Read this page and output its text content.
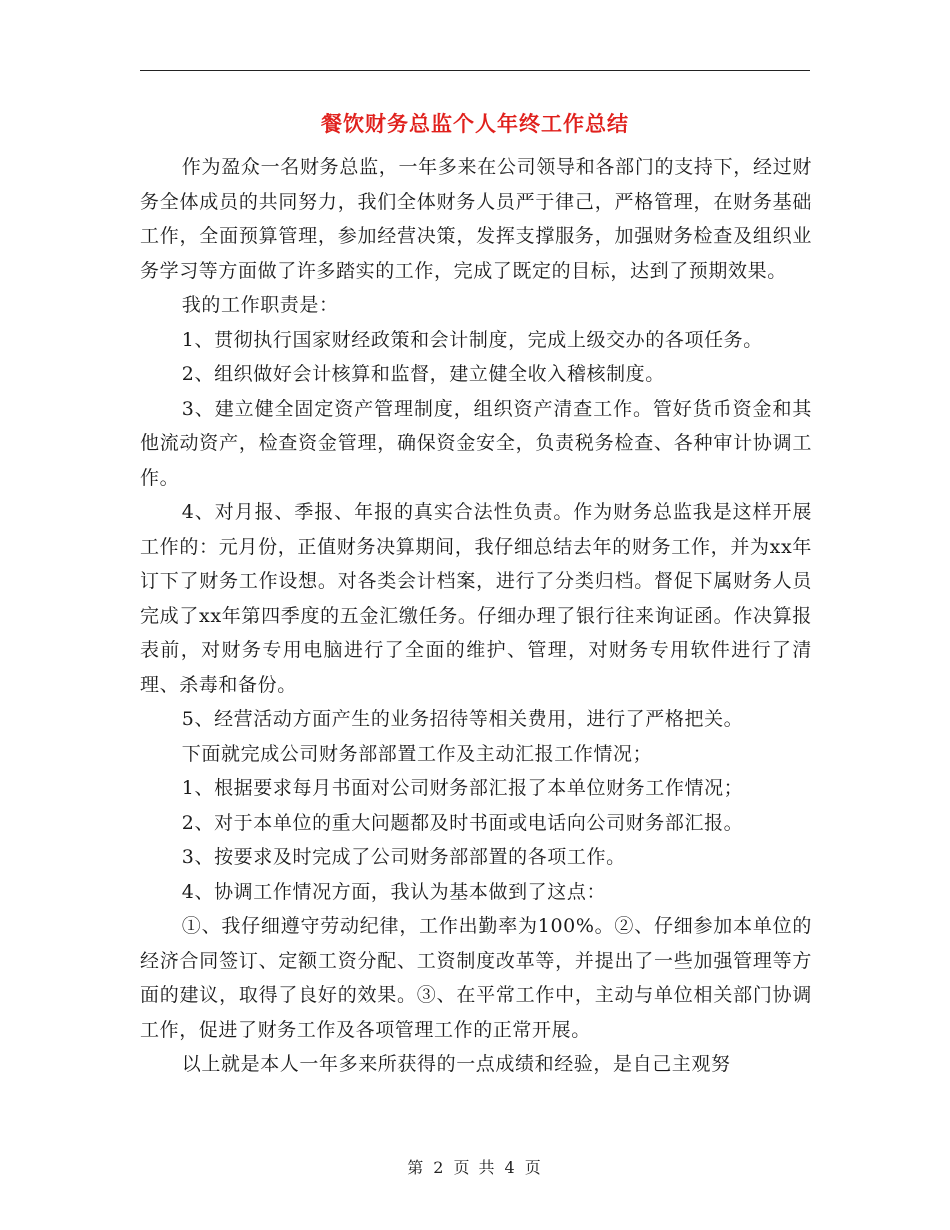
餐饮财务总监个人年终工作总结

作为盈众一名财务总监，一年多来在公司领导和各部门的支持下，经过财务全体成员的共同努力，我们全体财务人员严于律己，严格管理，在财务基础工作，全面预算管理，参加经营决策，发挥支撑服务，加强财务检查及组织业务学习等方面做了许多踏实的工作，完成了既定的目标，达到了预期效果。

我的工作职责是：

1、贯彻执行国家财经政策和会计制度，完成上级交办的各项任务。

2、组织做好会计核算和监督，建立健全收入稽核制度。

3、建立健全固定资产管理制度，组织资产清查工作。管好货币资金和其他流动资产，检查资金管理，确保资金安全，负责税务检查、各种审计协调工作。

4、对月报、季报、年报的真实合法性负责。作为财务总监我是这样开展工作的：元月份，正值财务决算期间，我仔细总结去年的财务工作，并为xx年订下了财务工作设想。对各类会计档案，进行了分类归档。督促下属财务人员完成了xx年第四季度的五金汇缴任务。仔细办理了银行往来询证函。作决算报表前，对财务专用电脑进行了全面的维护、管理，对财务专用软件进行了清理、杀毒和备份。

5、经营活动方面产生的业务招待等相关费用，进行了严格把关。

下面就完成公司财务部部置工作及主动汇报工作情况；

1、根据要求每月书面对公司财务部汇报了本单位财务工作情况；

2、对于本单位的重大问题都及时书面或电话向公司财务部汇报。

3、按要求及时完成了公司财务部部置的各项工作。

4、协调工作情况方面，我认为基本做到了这点：

①、我仔细遵守劳动纪律，工作出勤率为100%。②、仔细参加本单位的经济合同签订、定额工资分配、工资制度改革等，并提出了一些加强管理等方面的建议，取得了良好的效果。③、在平常工作中，主动与单位相关部门协调工作，促进了财务工作及各项管理工作的正常开展。

以上就是本人一年多来所获得的一点成绩和经验，是自己主观努

第 2 页 共 4 页
